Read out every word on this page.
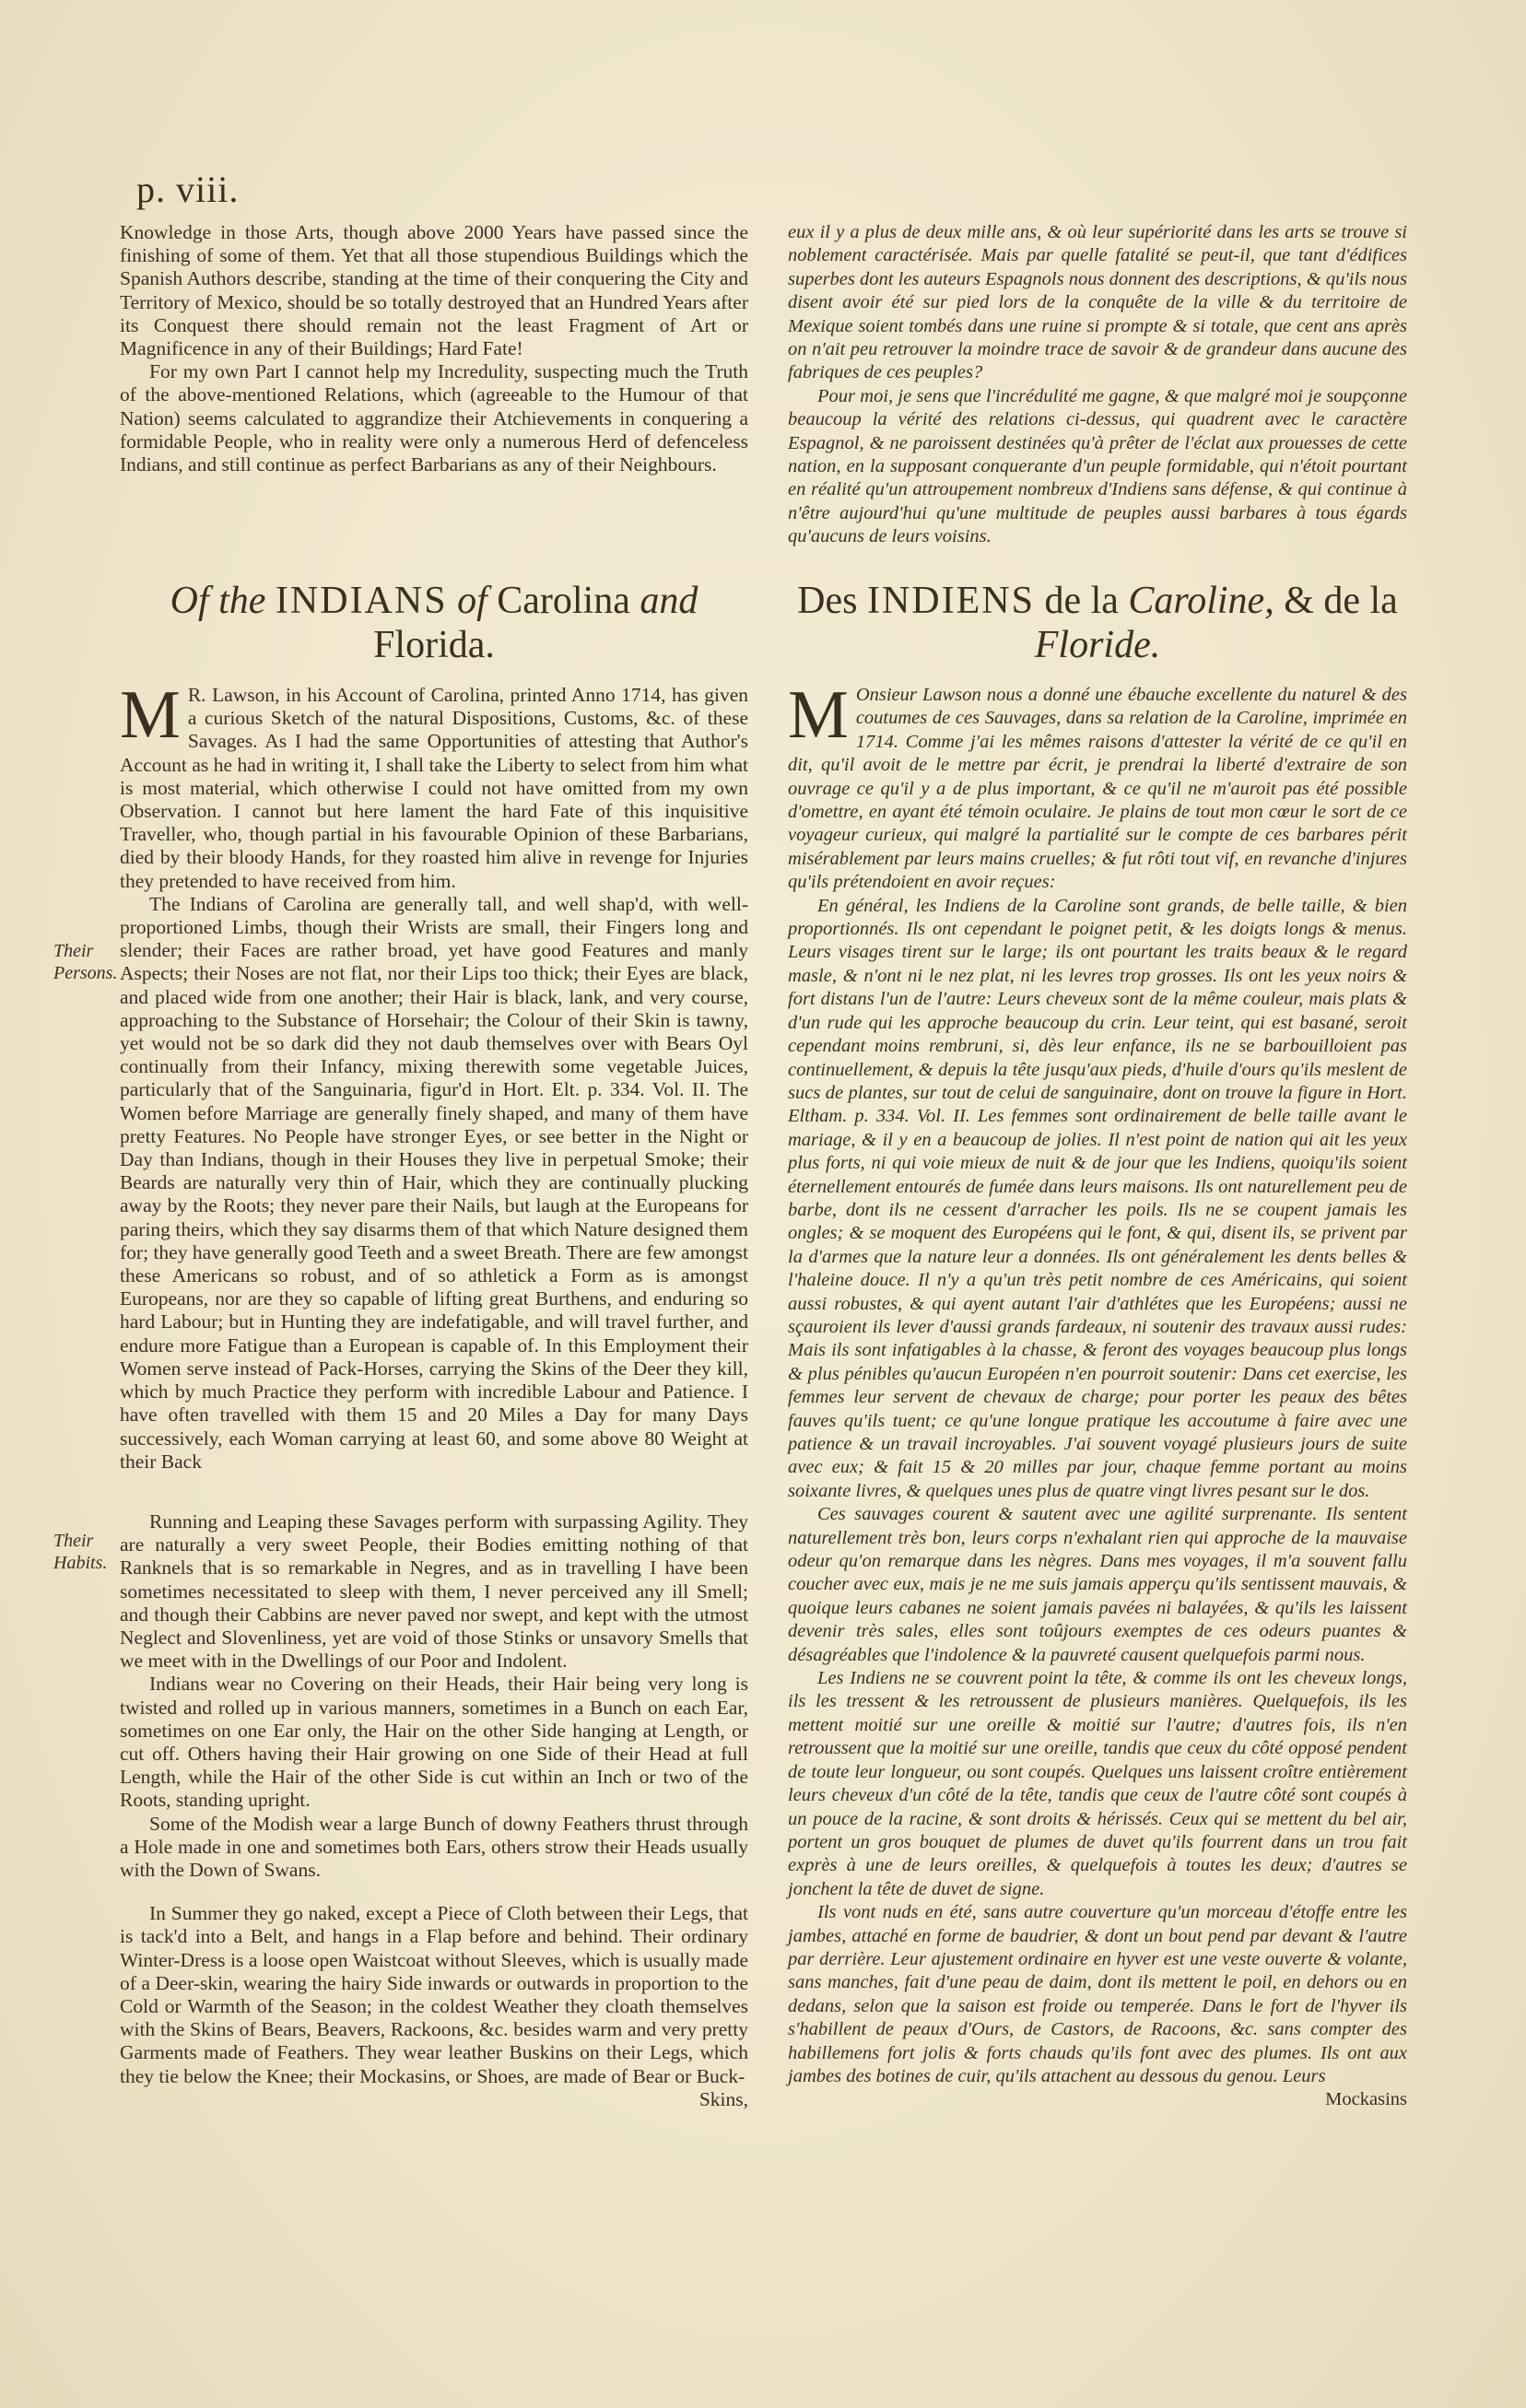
p. viii.

Knowledge in those Arts, though above 2000 Years have passed since the finishing of some of them. Yet that all those stupendious Buildings which the Spanish Authors describe, standing at the time of their conquering the City and Territory of Mexico, should be so totally destroyed that an Hundred Years after its Conquest there should remain not the least Fragment of Art or Magnificence in any of their Buildings; Hard Fate!

For my own Part I cannot help my Incredulity, suspecting much the Truth of the above-mentioned Relations, which (agreeable to the Humour of that Nation) seems calculated to aggrandize their Atchievements in conquering a formidable People, who in reality were only a numerous Herd of defenceless Indians, and still continue as perfect Barbarians as any of their Neighbours.

eux il y a plus de deux mille ans, & où leur supériorité dans les arts se trouve si noblement caractérisée. Mais par quelle fatalité se peut-il, que tant d'édifices superbes dont les auteurs Espagnols nous donnent des descriptions, & qu'ils nous disent avoir été sur pied lors de la conquête de la ville & du territoire de Mexique soient tombés dans une ruine si prompte & si totale, que cent ans après on n'ait peu retrouver la moindre trace de savoir & de grandeur dans aucune des fabriques de ces peuples?

Pour moi, je sens que l'incrédulité me gagne, & que malgré moi je soupçonne beaucoup la vérité des relations ci-dessus, qui quadrent avec le caractère Espagnol, & ne paroissent destinées qu'à prêter de l'éclat aux prouesses de cette nation, en la supposant conquerante d'un peuple formidable, qui n'étoit pourtant en réalité qu'un attroupement nombreux d'Indiens sans défense, & qui continue à n'être aujourd'hui qu'une multitude de peuples aussi barbares à tous égards qu'aucuns de leurs voisins.

Of the INDIANS of Carolina and
Florida.
Des INDIENS de la Caroline, & de la
Floride.

M R. Lawson, in his Account of Carolina, printed Anno 1714, has given a curious Sketch of the natural Dispositions, Customs, &c. of these Savages. As I had the same Opportunities of attesting that Author's Account as he had in writing it, I shall take the Liberty to select from him what is most material, which otherwise I could not have omitted from my own Observation. I cannot but here lament the hard Fate of this inquisitive Traveller, who, though partial in his favourable Opinion of these Barbarians, died by their bloody Hands, for they roasted him alive in revenge for Injuries they pretended to have received from him.

The Indians of Carolina are generally tall, and well shap'd, with well-proportioned Limbs, though their Wrists are small, their Fingers long and slender; their Faces are rather broad, yet have good Features and manly Aspects; their Noses are not flat, nor their Lips too thick; their Eyes are black, and placed wide from one another; their Hair is black, lank, and very course, approaching to the Substance of Horsehair; the Colour of their Skin is tawny, yet would not be so dark did they not daub themselves over with Bears Oyl continually from their Infancy, mixing therewith some vegetable Juices, particularly that of the Sanguinaria, figur'd in Hort. Elt. p. 334. Vol. II. The Women before Marriage are generally finely shaped, and many of them have pretty Features. No People have stronger Eyes, or see better in the Night or Day than Indians, though in their Houses they live in perpetual Smoke; their Beards are naturally very thin of Hair, which they are continually plucking away by the Roots; they never pare their Nails, but laugh at the Europeans for paring theirs, which they say disarms them of that which Nature designed them for; they have generally good Teeth and a sweet Breath. There are few amongst these Americans so robust, and of so athletick a Form as is amongst Europeans, nor are they so capable of lifting great Burthens, and enduring so hard Labour; but in Hunting they are indefatigable, and will travel further, and endure more Fatigue than a European is capable of. In this Employment their Women serve instead of Pack-Horses, carrying the Skins of the Deer they kill, which by much Practice they perform with incredible Labour and Patience. I have often travelled with them 15 and 20 Miles a Day for many Days successively, each Woman carrying at least 60, and some above 80 Weight at their Back

Running and Leaping these Savages perform with surpassing Agility. They are naturally a very sweet People, their Bodies emitting nothing of that Ranknels that is so remarkable in Negres, and as in travelling I have been sometimes necessitated to sleep with them, I never perceived any ill Smell; and though their Cabbins are never paved nor swept, and kept with the utmost Neglect and Slovenliness, yet are void of those Stinks or unsavory Smells that we meet with in the Dwellings of our Poor and Indolent.

Indians wear no Covering on their Heads, their Hair being very long is twisted and rolled up in various manners, sometimes in a Bunch on each Ear, sometimes on one Ear only, the Hair on the other Side hanging at Length, or cut off. Others having their Hair growing on one Side of their Head at full Length, while the Hair of the other Side is cut within an Inch or two of the Roots, standing upright.

Some of the Modish wear a large Bunch of downy Feathers thrust through a Hole made in one and sometimes both Ears, others strow their Heads usually with the Down of Swans.

In Summer they go naked, except a Piece of Cloth between their Legs, that is tack'd into a Belt, and hangs in a Flap before and behind. Their ordinary Winter-Dress is a loose open Waistcoat without Sleeves, which is usually made of a Deer-skin, wearing the hairy Side inwards or outwards in proportion to the Cold or Warmth of the Season; in the coldest Weather they cloath themselves with the Skins of Bears, Beavers, Rackoons, &c. besides warm and very pretty Garments made of Feathers. They wear leather Buskins on their Legs, which they tie below the Knee; their Mockasins, or Shoes, are made of Bear or Buck-

Skins,

Their Persons.
Their Habits.

M Onsieur Lawson nous a donné une ébauche excellente du naturel & des coutumes de ces Sauvages, dans sa relation de la Caroline, imprimée en 1714. Comme j'ai les mêmes raisons d'attester la vérité de ce qu'il en dit, qu'il avoit de le mettre par écrit, je prendrai la liberté d'extraire de son ouvrage ce qu'il y a de plus important, & ce qu'il ne m'auroit pas été possible d'omettre, en ayant été témoin oculaire. Je plains de tout mon cœur le sort de ce voyageur curieux, qui malgré la partialité sur le compte de ces barbares périt misérablement par leurs mains cruelles; & fut rôti tout vif, en revanche d'injures qu'ils prétendoient en avoir reçues:

En général, les Indiens de la Caroline sont grands, de belle taille, & bien proportionnés. Ils ont cependant le poignet petit, & les doigts longs & menus. Leurs visages tirent sur le large; ils ont pourtant les traits beaux & le regard masle, & n'ont ni le nez plat, ni les levres trop grosses. Ils ont les yeux noirs & fort distans l'un de l'autre: Leurs cheveux sont de la même couleur, mais plats & d'un rude qui les approche beaucoup du crin. Leur teint, qui est basané, seroit cependant moins rembruni, si, dès leur enfance, ils ne se barbouilloient pas continuellement, & depuis la tête jusqu'aux pieds, d'huile d'ours qu'ils meslent de sucs de plantes, sur tout de celui de sanguinaire, dont on trouve la figure in Hort. Eltham. p. 334. Vol. II. Les femmes sont ordinairement de belle taille avant le mariage, & il y en a beaucoup de jolies. Il n'est point de nation qui ait les yeux plus forts, ni qui voie mieux de nuit & de jour que les Indiens, quoiqu'ils soient éternellement entourés de fumée dans leurs maisons. Ils ont naturellement peu de barbe, dont ils ne cessent d'arracher les poils. Ils ne se coupent jamais les ongles; & se moquent des Européens qui le font, & qui, disent ils, se privent par la d'armes que la nature leur a données. Ils ont généralement les dents belles & l'haleine douce. Il n'y a qu'un très petit nombre de ces Américains, qui soient aussi robustes, & qui ayent autant l'air d'athlétes que les Européens; aussi ne sçauroient ils lever d'aussi grands fardeaux, ni soutenir des travaux aussi rudes: Mais ils sont infatigables à la chasse, & feront des voyages beaucoup plus longs & plus pénibles qu'aucun Européen n'en pourroit soutenir: Dans cet exercise, les femmes leur servent de chevaux de charge; pour porter les peaux des bêtes fauves qu'ils tuent; ce qu'une longue pratique les accoutume à faire avec une patience & un travail incroyables. J'ai souvent voyagé plusieurs jours de suite avec eux; & fait 15 & 20 milles par jour, chaque femme portant au moins soixante livres, & quelques unes plus de quatre vingt livres pesant sur le dos.

Ces sauvages courent & sautent avec une agilité surprenante. Ils sentent naturellement très bon, leurs corps n'exhalant rien qui approche de la mauvaise odeur qu'on remarque dans les nègres. Dans mes voyages, il m'a souvent fallu coucher avec eux, mais je ne me suis jamais apperçu qu'ils sentissent mauvais, & quoique leurs cabanes ne soient jamais pavées ni balayées, & qu'ils les laissent devenir très sales, elles sont toûjours exemptes de ces odeurs puantes & désagréables que l'indolence & la pauvreté causent quelquefois parmi nous.

Les Indiens ne se couvrent point la tête, & comme ils ont les cheveux longs, ils les tressent & les retroussent de plusieurs manières. Quelquefois, ils les mettent moitié sur une oreille & moitié sur l'autre; d'autres fois, ils n'en retroussent que la moitié sur une oreille, tandis que ceux du côté opposé pendent de toute leur longueur, ou sont coupés. Quelques uns laissent croître entièrement leurs cheveux d'un côté de la tête, tandis que ceux de l'autre côté sont coupés à un pouce de la racine, & sont droits & hérissés. Ceux qui se mettent du bel air, portent un gros bouquet de plumes de duvet qu'ils fourrent dans un trou fait exprès à une de leurs oreilles, & quelquefois à toutes les deux; d'autres se jonchent la tête de duvet de signe.

Ils vont nuds en été, sans autre couverture qu'un morceau d'étoffe entre les jambes, attaché en forme de baudrier, & dont un bout pend par devant & l'autre par derrière. Leur ajustement ordinaire en hyver est une veste ouverte & volante, sans manches, fait d'une peau de daim, dont ils mettent le poil, en dehors ou en dedans, selon que la saison est froide ou temperée. Dans le fort de l'hyver ils s'habillent de peaux d'Ours, de Castors, de Racoons, &c. sans compter des habillemens fort jolis & forts chauds qu'ils font avec des plumes. Ils ont aux jambes des botines de cuir, qu'ils attachent au dessous du genou. Leurs

Mockasins
